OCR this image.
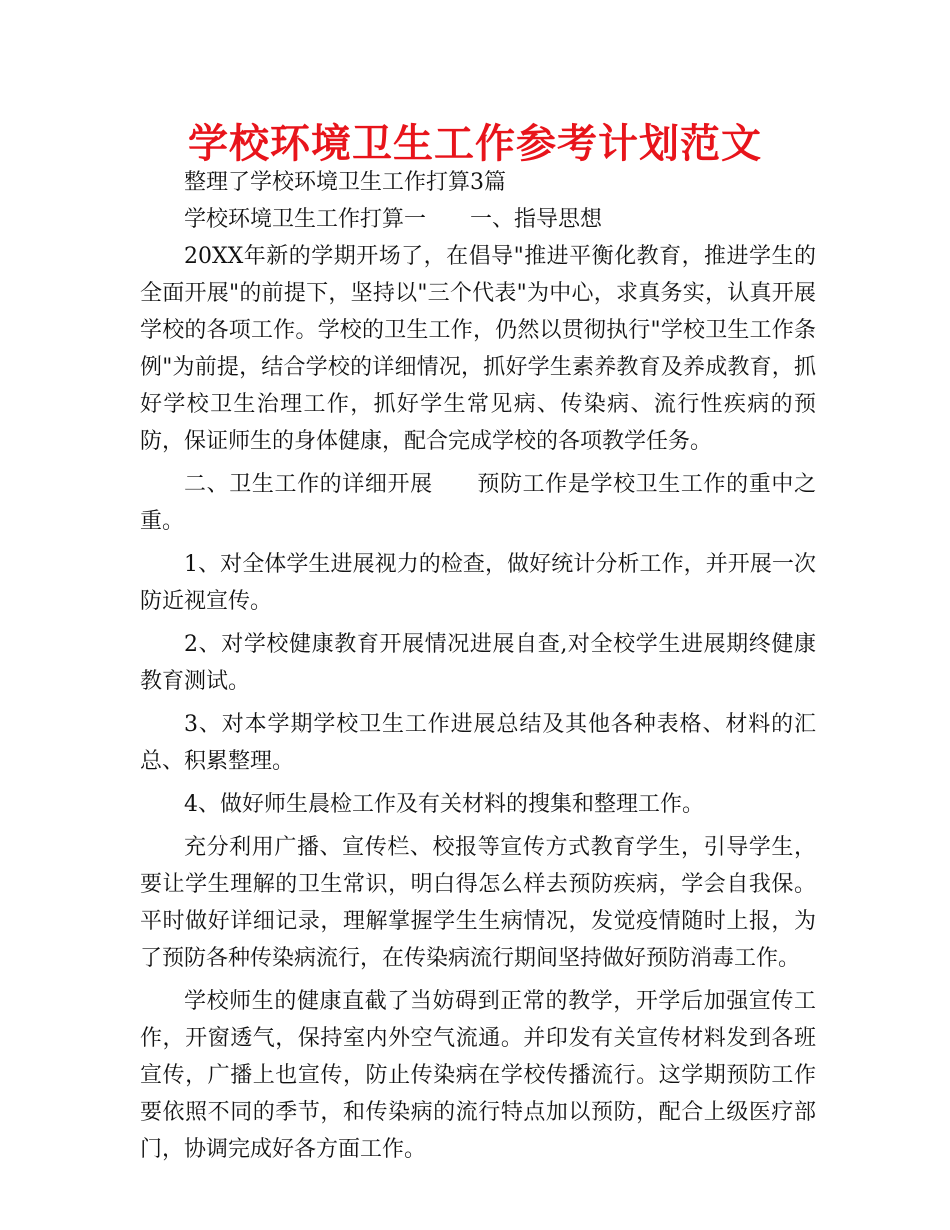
学校环境卫生工作参考计划范文

整理了学校环境卫生工作打算3篇

学校环境卫生工作打算一 一、指导思想

20XX年新的学期开场了，在倡导"推进平衡化教育，推进学生的全面开展"的前提下，坚持以"三个代表"为中心，求真务实，认真开展学校的各项工作。学校的卫生工作，仍然以贯彻执行"学校卫生工作条例"为前提，结合学校的详细情况，抓好学生素养教育及养成教育，抓好学校卫生治理工作，抓好学生常见病、传染病、流行性疾病的预防，保证师生的身体健康，配合完成学校的各项教学任务。

二、卫生工作的详细开展 预防工作是学校卫生工作的重中之重。

1、对全体学生进展视力的检查，做好统计分析工作，并开展一次防近视宣传。

2、对学校健康教育开展情况进展自查,对全校学生进展期终健康教育测试。

3、对本学期学校卫生工作进展总结及其他各种表格、材料的汇总、积累整理。

4、做好师生晨检工作及有关材料的搜集和整理工作。

充分利用广播、宣传栏、校报等宣传方式教育学生，引导学生，要让学生理解的卫生常识，明白得怎么样去预防疾病，学会自我保。平时做好详细记录，理解掌握学生生病情况，发觉疫情随时上报，为了预防各种传染病流行，在传染病流行期间坚持做好预防消毒工作。

学校师生的健康直截了当妨碍到正常的教学，开学后加强宣传工作，开窗透气，保持室内外空气流通。并印发有关宣传材料发到各班宣传，广播上也宣传，防止传染病在学校传播流行。这学期预防工作要依照不同的季节，和传染病的流行特点加以预防，配合上级医疗部门，协调完成好各方面工作。
